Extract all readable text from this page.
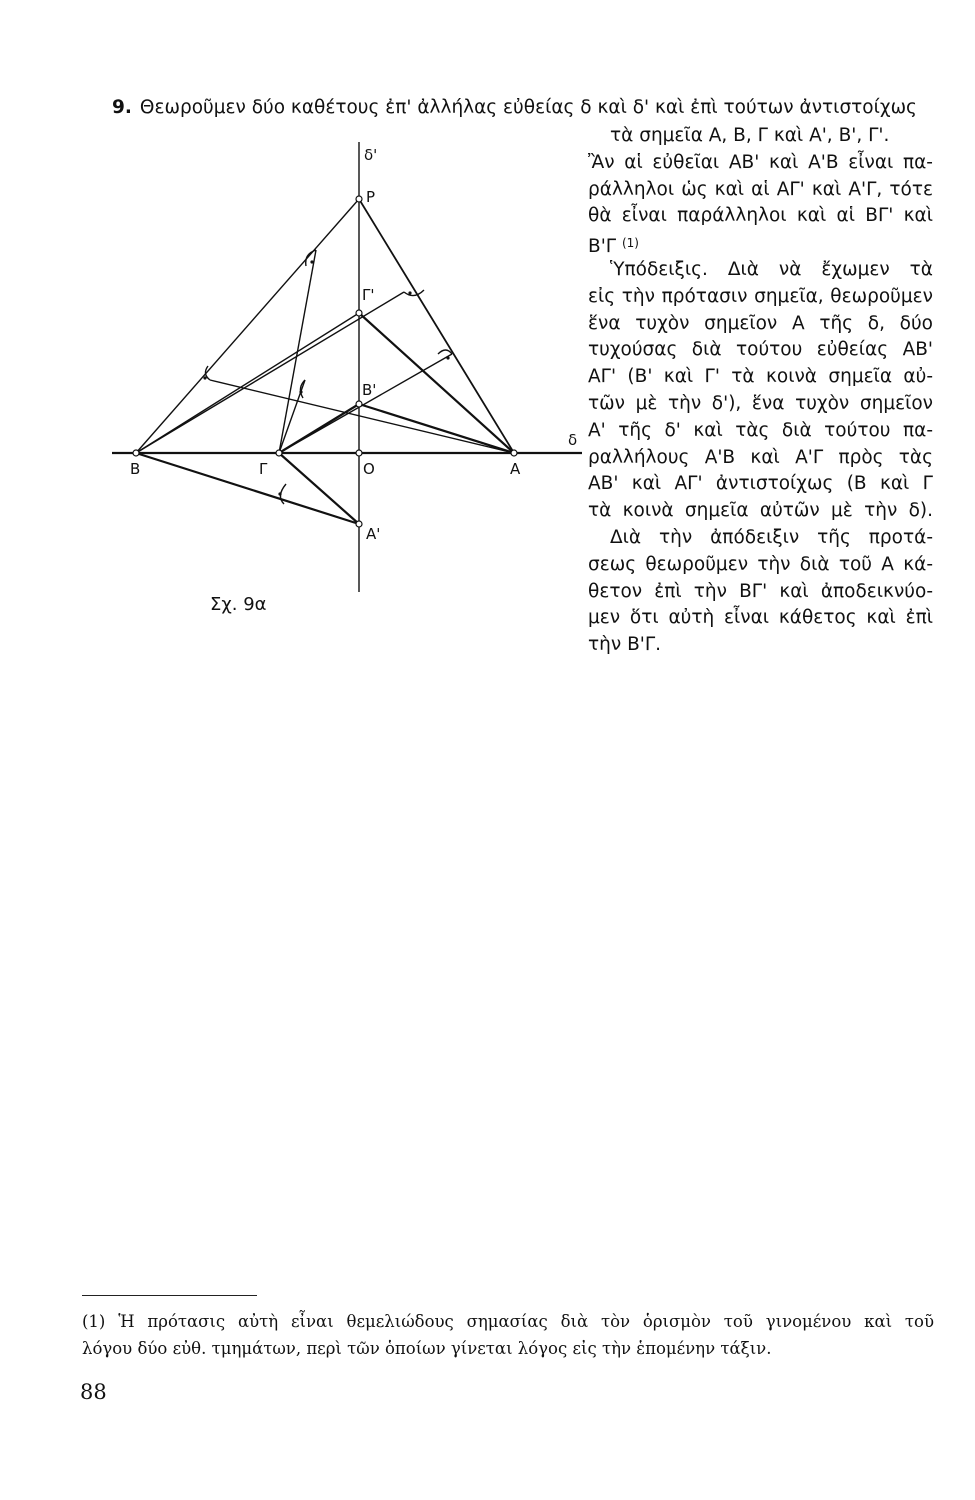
9. Θεωροῦμεν δύο καθέτους ἐπ' ἀλλήλας εὐθείας δ καὶ δ' καὶ ἐπὶ τούτων ἀντιστοίχως
τὰ σημεῖα Α, Β, Γ καὶ Α', Β', Γ'.
Ἂν αἱ εὐθεῖαι ΑΒ' καὶ Α'Β εἶναι πα-
ράλληλοι ὡς καὶ αἱ ΑΓ' καὶ Α'Γ, τότε
θὰ εἶναι παράλληλοι καὶ αἱ ΒΓ' καὶ
Β'Γ $^{(1)}$
Ὑπόδειξις. Διὰ νὰ ἔχωμεν τὰ
εἰς τὴν πρότασιν σημεῖα, θεωροῦμεν
ἕνα τυχὸν σημεῖον Α τῆς δ, δύο
τυχούσας διὰ τούτου εὐθείας ΑΒ'
ΑΓ' (Β' καὶ Γ' τὰ κοινὰ σημεῖα αὐ-
τῶν μὲ τὴν δ'), ἕνα τυχὸν σημεῖον
Α' τῆς δ' καὶ τὰς διὰ τούτου πα-
ραλλήλους Α'Β καὶ Α'Γ πρὸς τὰς
ΑΒ' καὶ ΑΓ' ἀντιστοίχως (Β καὶ Γ
τὰ κοινὰ σημεῖα αὐτῶν μὲ τὴν δ).
Διὰ τὴν ἀπόδειξιν τῆς προτά-
σεως θεωροῦμεν τὴν διὰ τοῦ Α κά-
θετον ἐπὶ τὴν ΒΓ' καὶ ἀποδεικνύο-
μεν ὅτι αὐτὴ εἶναι κάθετος καὶ ἐπὶ
τὴν Β'Γ.
δ'
Ρ
Γ'
Β'
Α'
δ
Β	Γ	Ο	Α
Σχ. 9α
(1) Ἡ πρότασις αὐτὴ εἶναι θεμελιώδους σημασίας διὰ τὸν ὁρισμὸν τοῦ γινομένου καὶ τοῦ
λόγου δύο εὐθ. τμημάτων, περὶ τῶν ὁποίων γίνεται λόγος εἰς τὴν ἑπομένην τάξιν.
88
